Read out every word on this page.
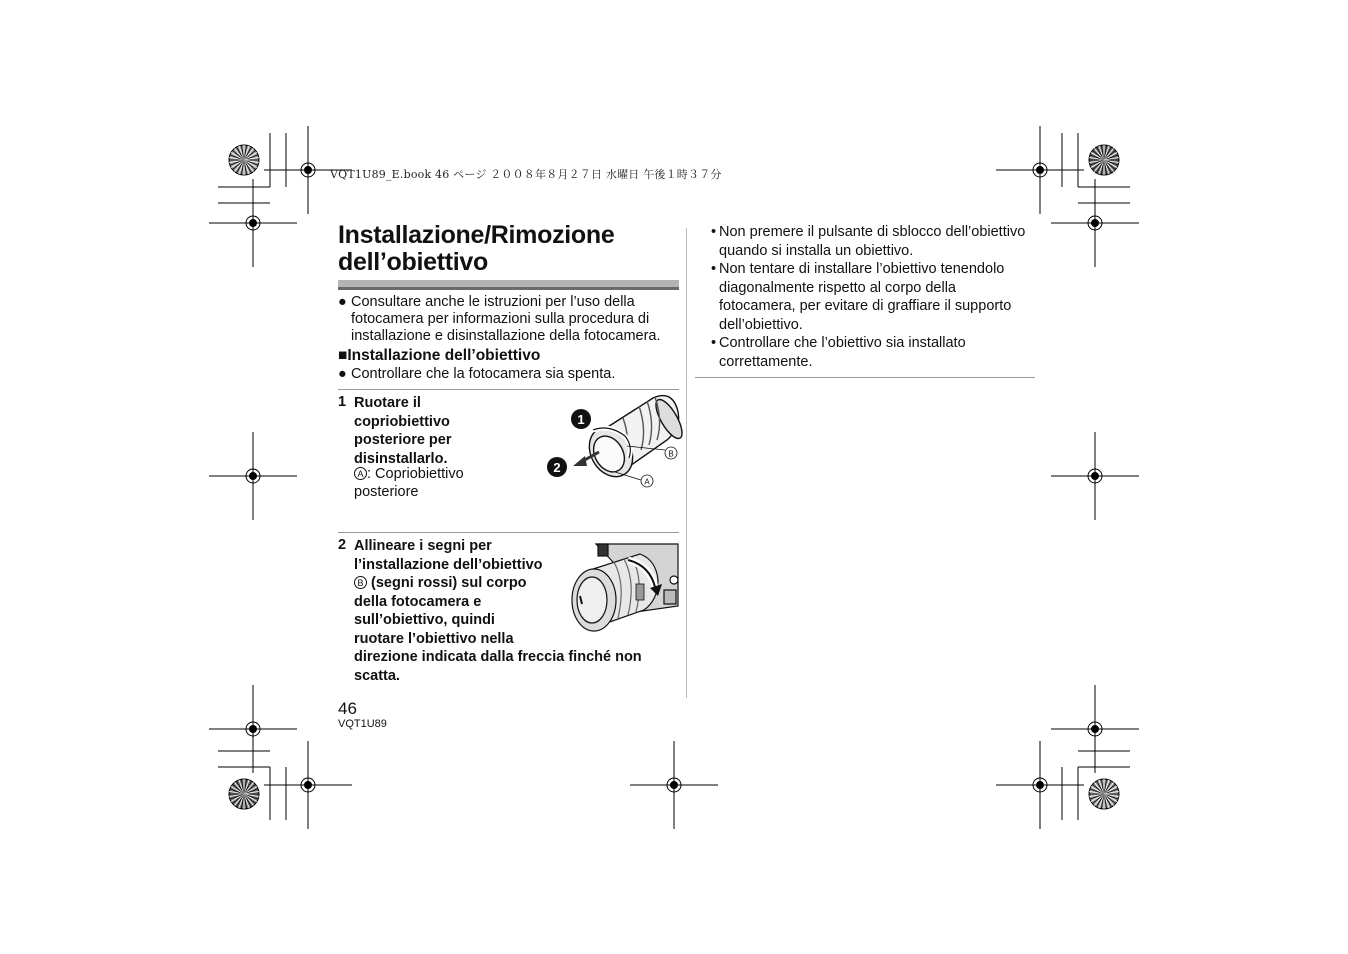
VQT1U89_E.book 46 ページ ２００８年８月２７日 水曜日 午後１時３７分
Installazione/Rimozione
dell’obiettivo
● Consultare anche le istruzioni per l’uso della fotocamera per informazioni sulla procedura di installazione e disinstallazione della fotocamera.
■Installazione dell’obiettivo
● Controllare che la fotocamera sia spenta.
1 Ruotare il
copriobiettivo
posteriore per
disinstallarlo.
A : Copriobiettivo
posteriore
1
2
B
A
2 Allineare i segni per
l’installazione dell’obiettivo
B (segni rossi) sul corpo
della fotocamera e
sull’obiettivo, quindi
ruotare l’obiettivo nella
direzione indicata dalla freccia finché non
scatta.
• Non premere il pulsante di sblocco dell’obiettivo quando si installa un obiettivo.
• Non tentare di installare l’obiettivo tenendolo diagonalmente rispetto al corpo della fotocamera, per evitare di graffiare il supporto dell’obiettivo.
• Controllare che l’obiettivo sia installato correttamente.
46
VQT1U89
